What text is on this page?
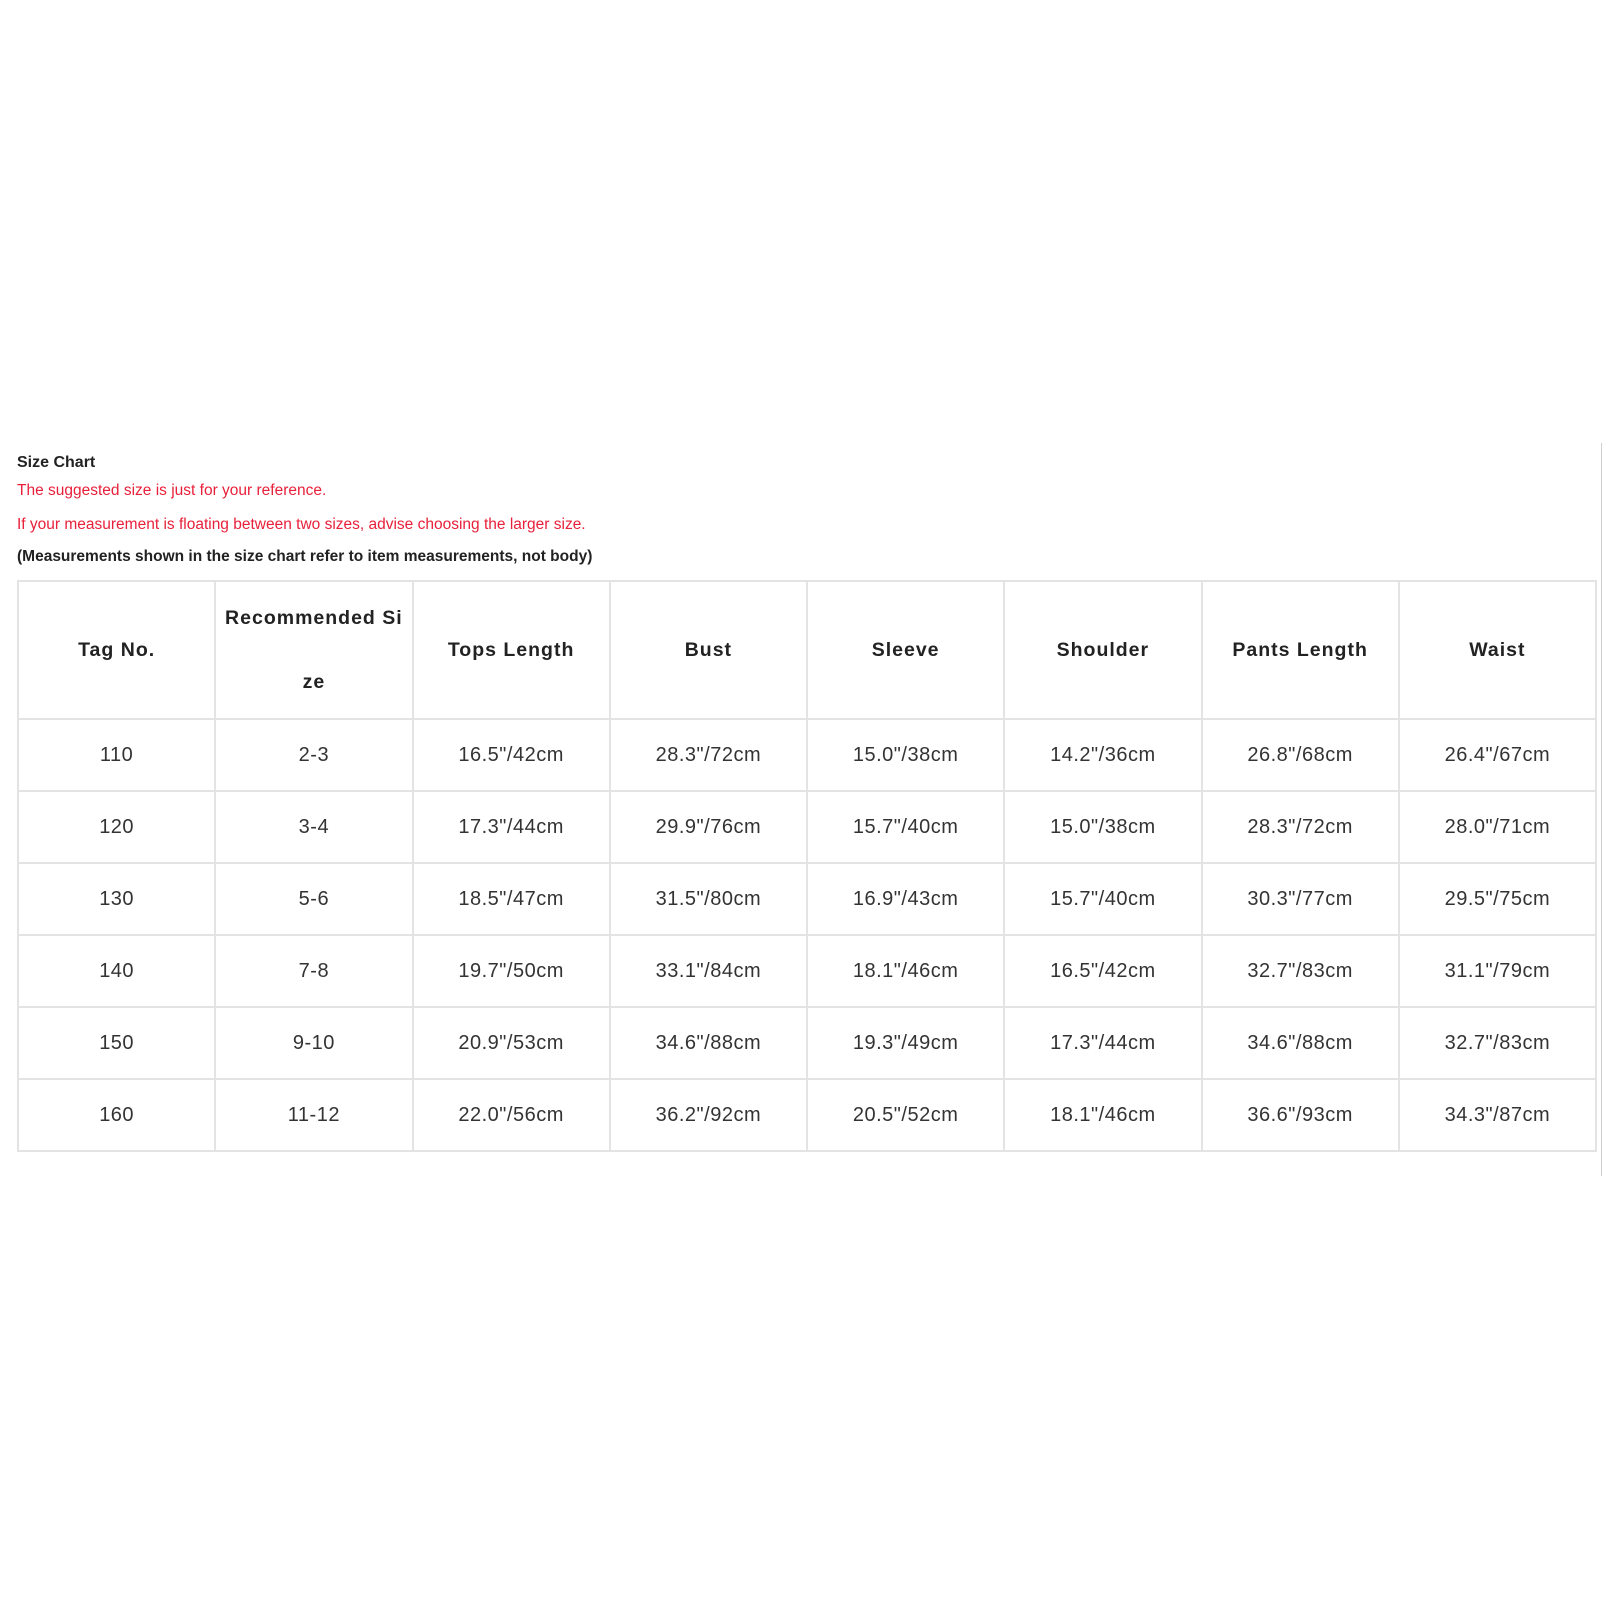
Size Chart
The suggested size is just for your reference.
If your measurement is floating between two sizes, advise choosing the larger size.
(Measurements shown in the size chart refer to item measurements, not body)
Tag No.	Recommended Size	Tops Length	Bust	Sleeve	Shoulder	Pants Length	Waist

110	2-3	16.5"/42cm	28.3"/72cm	15.0"/38cm	14.2"/36cm	26.8"/68cm	26.4"/67cm
120	3-4	17.3"/44cm	29.9"/76cm	15.7"/40cm	15.0"/38cm	28.3"/72cm	28.0"/71cm
130	5-6	18.5"/47cm	31.5"/80cm	16.9"/43cm	15.7"/40cm	30.3"/77cm	29.5"/75cm
140	7-8	19.7"/50cm	33.1"/84cm	18.1"/46cm	16.5"/42cm	32.7"/83cm	31.1"/79cm
150	9-10	20.9"/53cm	34.6"/88cm	19.3"/49cm	17.3"/44cm	34.6"/88cm	32.7"/83cm
160	11-12	22.0"/56cm	36.2"/92cm	20.5"/52cm	18.1"/46cm	36.6"/93cm	34.3"/87cm
